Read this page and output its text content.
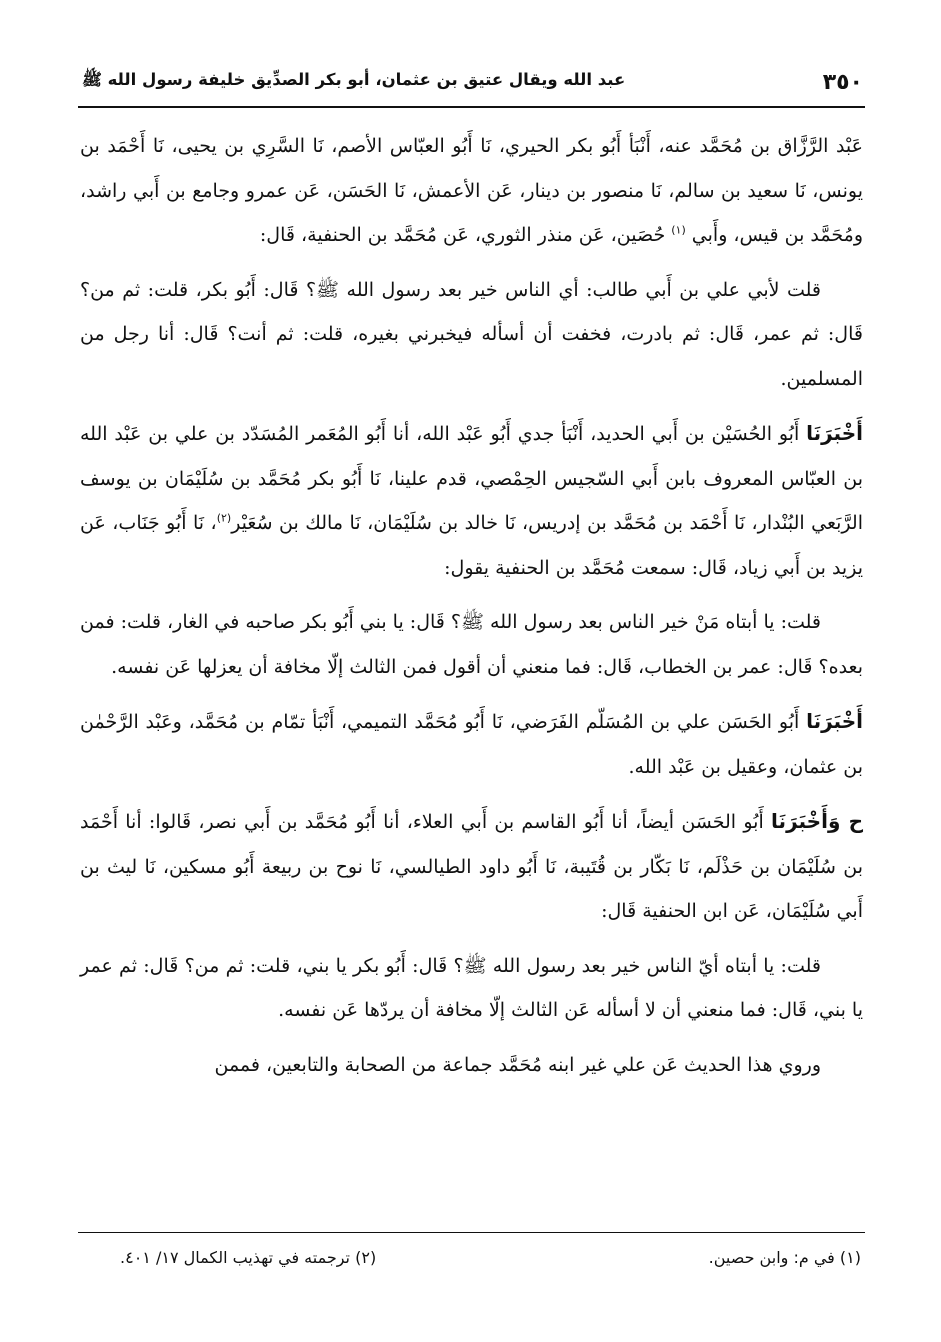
٣٥٠
عبد الله ويقال عتيق بن عثمان، أبو بكر الصدِّيق خليفة رسول الله ﷺ

عَبْد الرَّزَّاق بن مُحَمَّد عنه، أَنْبَأ أَبُو بكر الحيري، نَا أَبُو العبّاس الأصم، نَا السَّرِي بن يحيى، نَا أَحْمَد بن يونس، نَا سعيد بن سالم، نَا منصور بن دينار، عَن الأعمش، نَا الحَسَن، عَن عمرو وجامع بن أَبي راشد، ومُحَمَّد بن قيس، وأَبي $^{(١)}$ حُصَين، عَن منذر الثوري، عَن مُحَمَّد بن الحنفية، قَال:

قلت لأبي علي بن أَبي طالب: أي الناس خير بعد رسول الله ﷺ؟ قَال: أَبُو بكر، قلت: ثم من؟ قَال: ثم عمر، قَال: ثم بادرت، فخفت أن أسأله فيخبرني بغيره، قلت: ثم أنت؟ قَال: أنا رجل من المسلمين.

أَخْبَرَنَا أَبُو الحُسَيْن بن أَبي الحديد، أَنْبَأ جدي أَبُو عَبْد الله، أنا أَبُو المُعَمر المُسَدّد بن علي بن عَبْد الله بن العبّاس المعروف بابن أَبي السّجيس الحِمْصي، قدم علينا، نَا أَبُو بكر مُحَمَّد بن سُلَيْمَان بن يوسف الرَّبَعي البُنْدار، نَا أَحْمَد بن مُحَمَّد بن إدريس، نَا خالد بن سُلَيْمَان، نَا مالك بن سُعَيْر$^{(٢)}$، نَا أَبُو جَنَاب، عَن يزيد بن أَبي زياد، قَال: سمعت مُحَمَّد بن الحنفية يقول:

قلت: يا أبتاه مَنْ خير الناس بعد رسول الله ﷺ؟ قَال: يا بني أَبُو بكر صاحبه في الغار، قلت: فمن بعده؟ قَال: عمر بن الخطاب، قَال: فما منعني أن أقول فمن الثالث إلّا مخافة أن يعزلها عَن نفسه.

أَخْبَرَنَا أَبُو الحَسَن علي بن المُسَلّم الفَرَضي، نَا أَبُو مُحَمَّد التميمي، أَنْبَأ تمّام بن مُحَمَّد، وعَبْد الرَّحْمٰن بن عثمان، وعقيل بن عَبْد الله.

ح وَأَخْبَرَنَا أَبُو الحَسَن أيضاً، أنا أَبُو القاسم بن أَبي العلاء، أنا أَبُو مُحَمَّد بن أَبي نصر، قَالوا: أنا أَحْمَد بن سُلَيْمَان بن حَذْلَم، نَا بَكّار بن قُتَيبة، نَا أَبُو داود الطيالسي، نَا نوح بن ربيعة أَبُو مسكين، نَا ليث بن أَبي سُلَيْمَان، عَن ابن الحنفية قَال:

قلت: يا أبتاه أيّ الناس خير بعد رسول الله ﷺ؟ قَال: أَبُو بكر يا بني، قلت: ثم من؟ قَال: ثم عمر يا بني، قَال: فما منعني أن لا أسأله عَن الثالث إلّا مخافة أن يردّها عَن نفسه.

وروي هذا الحديث عَن علي غير ابنه مُحَمَّد جماعة من الصحابة والتابعين، فممن

(١) في م: وابن حصين.
(٢) ترجمته في تهذيب الكمال ١٧/ ٤٠١.
